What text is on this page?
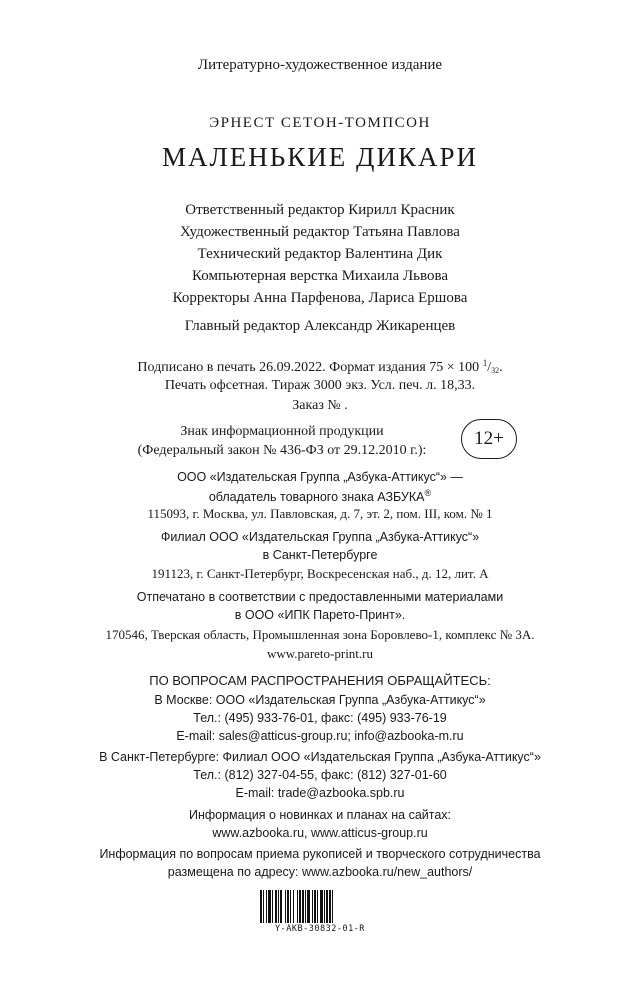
Литературно-художественное издание
ЭРНЕСТ СЕТОН-ТОМПСОН
МАЛЕНЬКИЕ ДИКАРИ
Ответственный редактор Кирилл Красник
Художественный редактор Татьяна Павлова
Технический редактор Валентина Дик
Компьютерная верстка Михаила Львова
Корректоры Анна Парфенова, Лариса Ершова
Главный редактор Александр Жикаренцев
Подписано в печать 26.09.2022. Формат издания 75 × 100 $^1$/32.
Печать офсетная. Тираж 3000 экз. Усл. печ. л. 18,33.
Заказ № .
Знак информационной продукции
(Федеральный закон № 436-ФЗ от 29.12.2010 г.):
12+
ООО «Издательская Группа „Азбука-Аттикус“» —
обладатель товарного знака АЗБУКА®
115093, г. Москва, ул. Павловская, д. 7, эт. 2, пом. III, ком. № 1
Филиал ООО «Издательская Группа „Азбука-Аттикус“»
в Санкт-Петербурге
191123, г. Санкт-Петербург, Воскресенская наб., д. 12, лит. А
Отпечатано в соответствии с предоставленными материалами
в ООО «ИПК Парето-Принт».
170546, Тверская область, Промышленная зона Боровлево-1, комплекс № 3А.
www.pareto-print.ru
ПО ВОПРОСАМ РАСПРОСТРАНЕНИЯ ОБРАЩАЙТЕСЬ:
В Москве: ООО «Издательская Группа „Азбука-Аттикус“»
Тел.: (495) 933-76-01, факс: (495) 933-76-19
E-mail: sales@atticus-group.ru; info@azbooka-m.ru
В Санкт-Петербурге: Филиал ООО «Издательская Группа „Азбука-Аттикус“»
Тел.: (812) 327-04-55, факс: (812) 327-01-60
E-mail: trade@azbooka.spb.ru
Информация о новинках и планах на сайтах:
www.azbooka.ru, www.atticus-group.ru
Информация по вопросам приема рукописей и творческого сотрудничества
размещена по адресу: www.azbooka.ru/new_authors/
Y-AKB-30832-01-R
